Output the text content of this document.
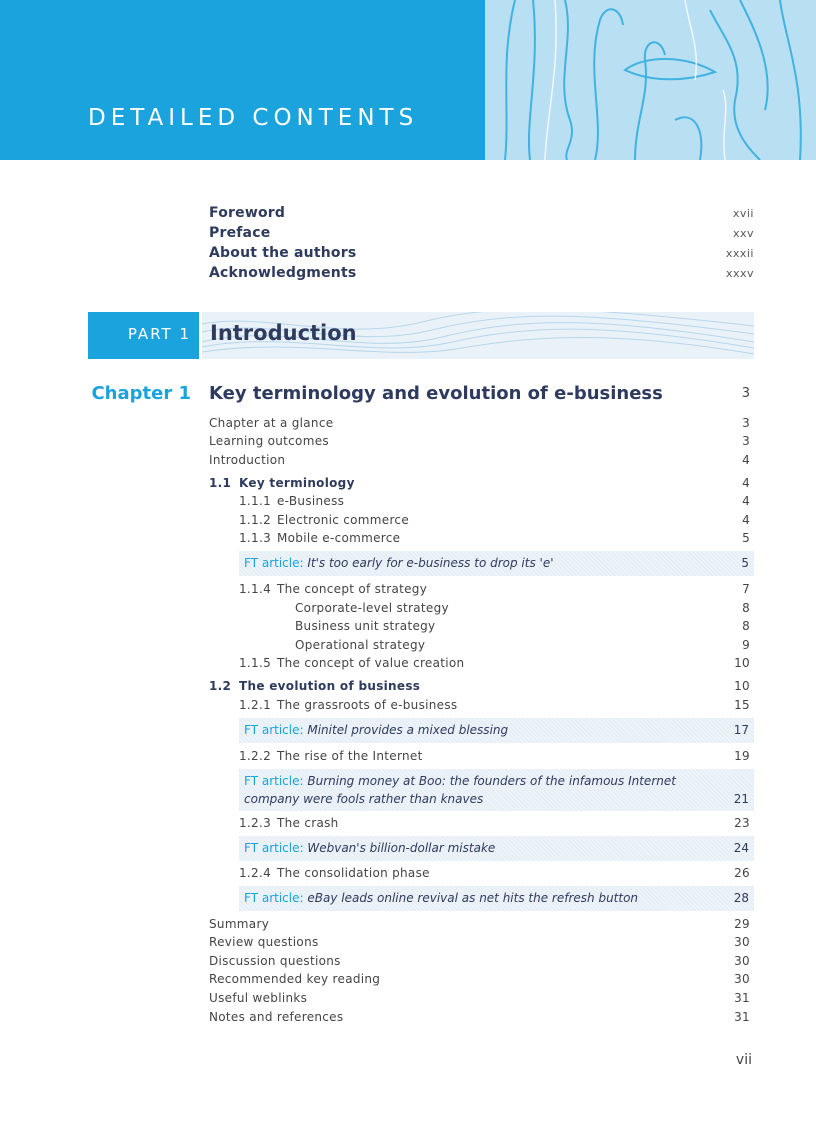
DETAILED CONTENTS
Foreword	xvii
Preface	xxv
About the authors	xxxii
Acknowledgments	xxxv
PART 1 Introduction
Chapter 1 Key terminology and evolution of e-business	3
Chapter at a glance	3
Learning outcomes	3
Introduction	4
1.1 Key terminology	4
1.1.1 e-Business	4
1.1.2 Electronic commerce	4
1.1.3 Mobile e-commerce	5
FT article: It's too early for e-business to drop its 'e'	5
1.1.4 The concept of strategy	7
Corporate-level strategy	8
Business unit strategy	8
Operational strategy	9
1.1.5 The concept of value creation	10
1.2 The evolution of business	10
1.2.1 The grassroots of e-business	15
FT article: Minitel provides a mixed blessing	17
1.2.2 The rise of the Internet	19
FT article: Burning money at Boo: the founders of the infamous Internet
company were fools rather than knaves	21
1.2.3 The crash	23
FT article: Webvan's billion-dollar mistake	24
1.2.4 The consolidation phase	26
FT article: eBay leads online revival as net hits the refresh button	28
Summary	29
Review questions	30
Discussion questions	30
Recommended key reading	30
Useful weblinks	31
Notes and references	31
vii
